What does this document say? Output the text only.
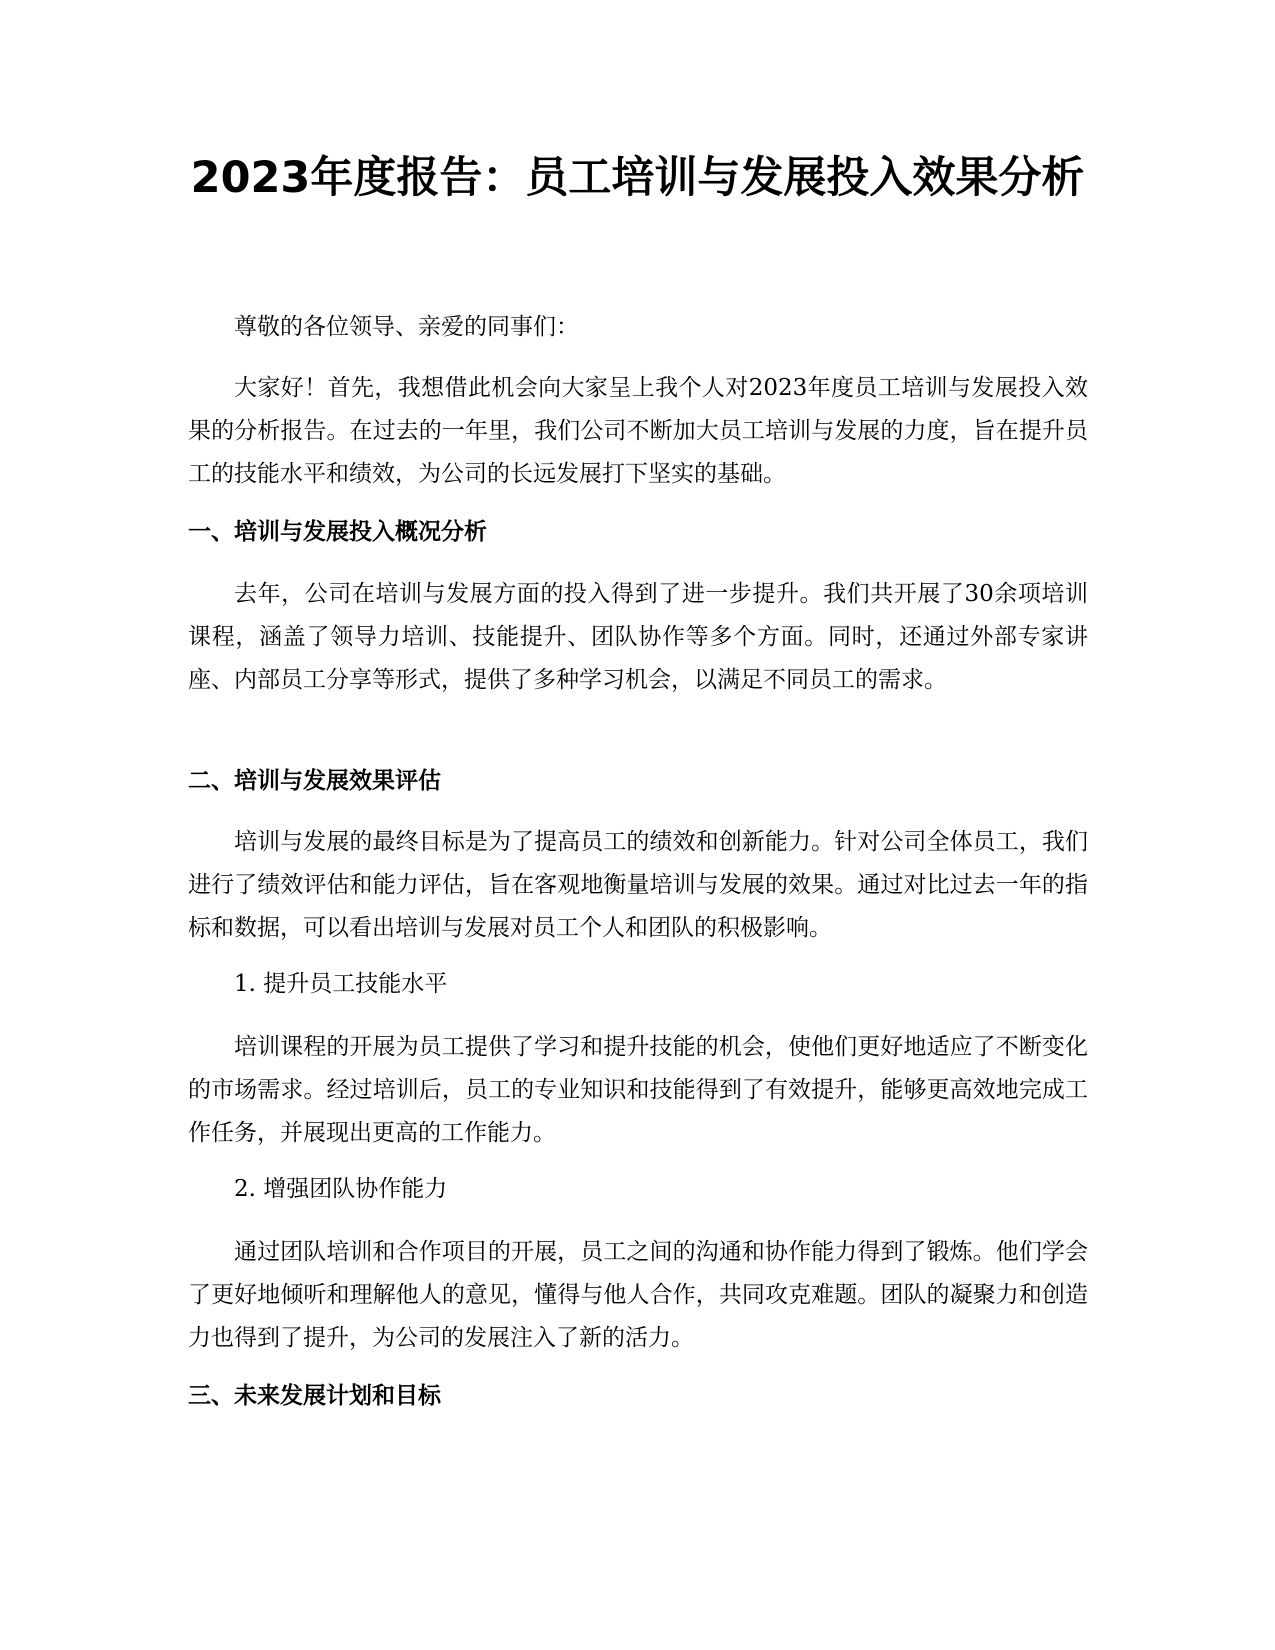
2023年度报告：员工培训与发展投入效果分析

尊敬的各位领导、亲爱的同事们：

大家好！首先，我想借此机会向大家呈上我个人对2023年度员工培训与发展投入效果的分析报告。在过去的一年里，我们公司不断加大员工培训与发展的力度，旨在提升员工的技能水平和绩效，为公司的长远发展打下坚实的基础。

一、培训与发展投入概况分析

去年，公司在培训与发展方面的投入得到了进一步提升。我们共开展了30余项培训课程，涵盖了领导力培训、技能提升、团队协作等多个方面。同时，还通过外部专家讲座、内部员工分享等形式，提供了多种学习机会，以满足不同员工的需求。

二、培训与发展效果评估

培训与发展的最终目标是为了提高员工的绩效和创新能力。针对公司全体员工，我们进行了绩效评估和能力评估，旨在客观地衡量培训与发展的效果。通过对比过去一年的指标和数据，可以看出培训与发展对员工个人和团队的积极影响。

1. 提升员工技能水平

培训课程的开展为员工提供了学习和提升技能的机会，使他们更好地适应了不断变化的市场需求。经过培训后，员工的专业知识和技能得到了有效提升，能够更高效地完成工作任务，并展现出更高的工作能力。

2. 增强团队协作能力

通过团队培训和合作项目的开展，员工之间的沟通和协作能力得到了锻炼。他们学会了更好地倾听和理解他人的意见，懂得与他人合作，共同攻克难题。团队的凝聚力和创造力也得到了提升，为公司的发展注入了新的活力。

三、未来发展计划和目标
